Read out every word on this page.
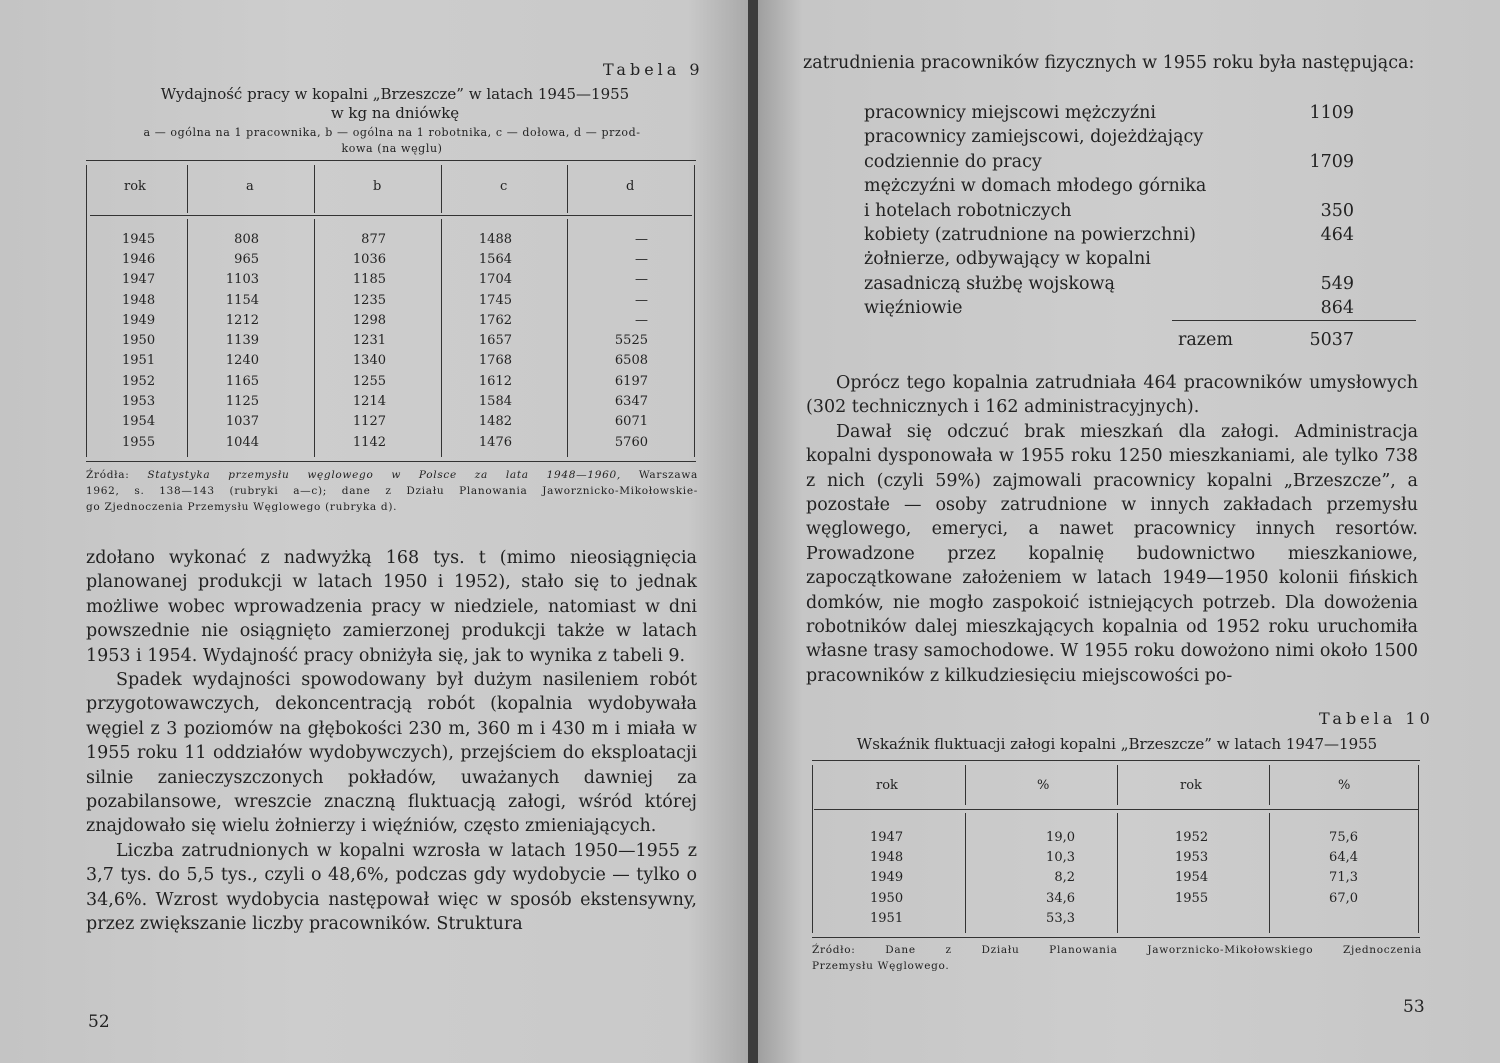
Tabela 9
Wydajność pracy w kopalni „Brzeszcze” w latach 1945—1955
w kg na dniówkę
a — ogólna na 1 pracownika, b — ogólna na 1 robotnika, c — dołowa, d — przod-
kowa (na węglu)
rok	a	b	c	d
1945	808	877	1488	—
1946	965	1036	1564	—
1947	1103	1185	1704	—
1948	1154	1235	1745	—
1949	1212	1298	1762	—
1950	1139	1231	1657	5525
1951	1240	1340	1768	6508
1952	1165	1255	1612	6197
1953	1125	1214	1584	6347
1954	1037	1127	1482	6071
1955	1044	1142	1476	5760
Źródła: Statystyka przemysłu węglowego w Polsce za lata 1948—1960, Warszawa
1962, s. 138—143 (rubryki a—c); dane z Działu Planowania Jaworznicko-Mikołowskie-
go Zjednoczenia Przemysłu Węglowego (rubryka d).

zdołano wykonać z nadwyżką 168 tys. t (mimo nieosiągnięcia planowanej produkcji w latach 1950 i 1952), stało się to jednak możliwe wobec wprowadzenia pracy w niedziele, natomiast w dni powszednie nie osiągnięto zamierzonej produkcji także w latach 1953 i 1954. Wydajność pracy obniżyła się, jak to wynika z tabeli 9.

Spadek wydajności spowodowany był dużym nasileniem robót przygotowawczych, dekoncentracją robót (kopalnia wydobywała węgiel z 3 poziomów na głębokości 230 m, 360 m i 430 m i miała w 1955 roku 11 oddziałów wydobywczych), przejściem do eksploatacji silnie zanieczyszczonych pokładów, uważanych dawniej za pozabilansowe, wreszcie znaczną fluktuacją załogi, wśród której znajdowało się wielu żołnierzy i więźniów, często zmieniających.

Liczba zatrudnionych w kopalni wzrosła w latach 1950—1955 z 3,7 tys. do 5,5 tys., czyli o 48,6%, podczas gdy wydobycie — tylko o 34,6%. Wzrost wydobycia następował więc w sposób ekstensywny, przez zwiększanie liczby pracowników. Struktura

52
zatrudnienia pracowników fizycznych w 1955 roku była następująca:
pracownicy miejscowi mężczyźni	1109
pracownicy zamiejscowi, dojeżdżający
codziennie do pracy	1709
mężczyźni w domach młodego górnika
i hotelach robotniczych	350
kobiety (zatrudnione na powierzchni)	464
żołnierze, odbywający w kopalni
zasadniczą służbę wojskową	549
więźniowie	864
razem	5037

Oprócz tego kopalnia zatrudniała 464 pracowników umysłowych (302 technicznych i 162 administracyjnych).

Dawał się odczuć brak mieszkań dla załogi. Administracja kopalni dysponowała w 1955 roku 1250 mieszkaniami, ale tylko 738 z nich (czyli 59%) zajmowali pracownicy kopalni „Brzeszcze”, a pozostałe — osoby zatrudnione w innych zakładach przemysłu węglowego, emeryci, a nawet pracownicy innych resortów. Prowadzone przez kopalnię budownictwo mieszkaniowe, zapoczątkowane założeniem w latach 1949—1950 kolonii fińskich domków, nie mogło zaspokoić istniejących potrzeb. Dla dowożenia robotników dalej mieszkających kopalnia od 1952 roku uruchomiła własne trasy samochodowe. W 1955 roku dowożono nimi około 1500 pracowników z kilkudziesięciu miejscowości po-

Tabela 10
Wskaźnik fluktuacji załogi kopalni „Brzeszcze” w latach 1947—1955
rok	%	rok	%
1947	19,0	1952	75,6
1948	10,3	1953	64,4
1949	8,2	1954	71,3
1950	34,6	1955	67,0
1951	53,3		
Źródło:	Dane z Działu Planowania Jaworznicko-Mikołowskiego Zjednoczenia
Przemysłu Węglowego.
53
